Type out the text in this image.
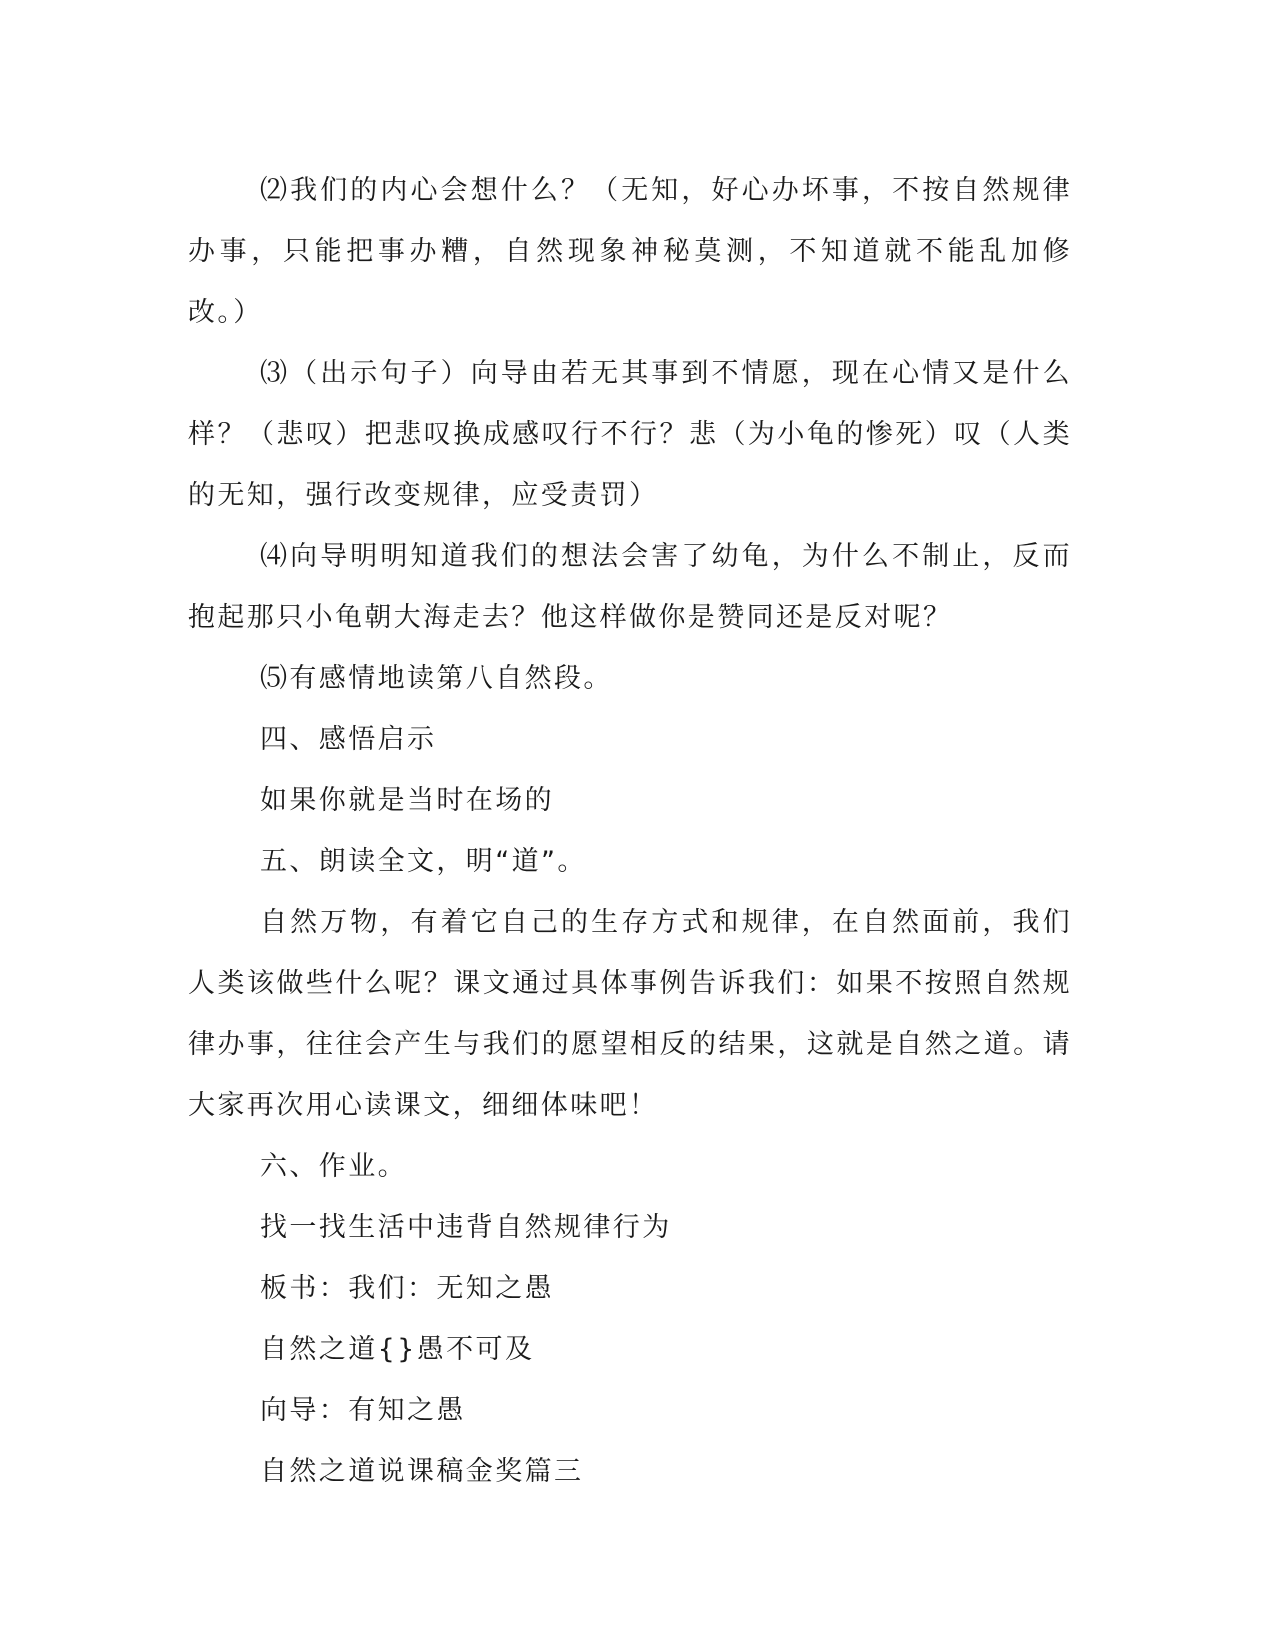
⑵我们的内心会想什么？（无知，好心办坏事，不按自然规律办事，只能把事办糟，自然现象神秘莫测，不知道就不能乱加修改。）

⑶（出示句子）向导由若无其事到不情愿，现在心情又是什么样？（悲叹）把悲叹换成感叹行不行？悲（为小龟的惨死）叹（人类的无知，强行改变规律，应受责罚）

⑷向导明明知道我们的想法会害了幼龟，为什么不制止，反而抱起那只小龟朝大海走去？他这样做你是赞同还是反对呢？

⑸有感情地读第八自然段。

四、感悟启示

如果你就是当时在场的

五、朗读全文，明“道”。

自然万物，有着它自己的生存方式和规律，在自然面前，我们人类该做些什么呢？课文通过具体事例告诉我们：如果不按照自然规律办事，往往会产生与我们的愿望相反的结果，这就是自然之道。请大家再次用心读课文，细细体味吧！

六、作业。

找一找生活中违背自然规律行为

板书：我们：无知之愚

自然之道{}愚不可及

向导：有知之愚

自然之道说课稿金奖篇三
